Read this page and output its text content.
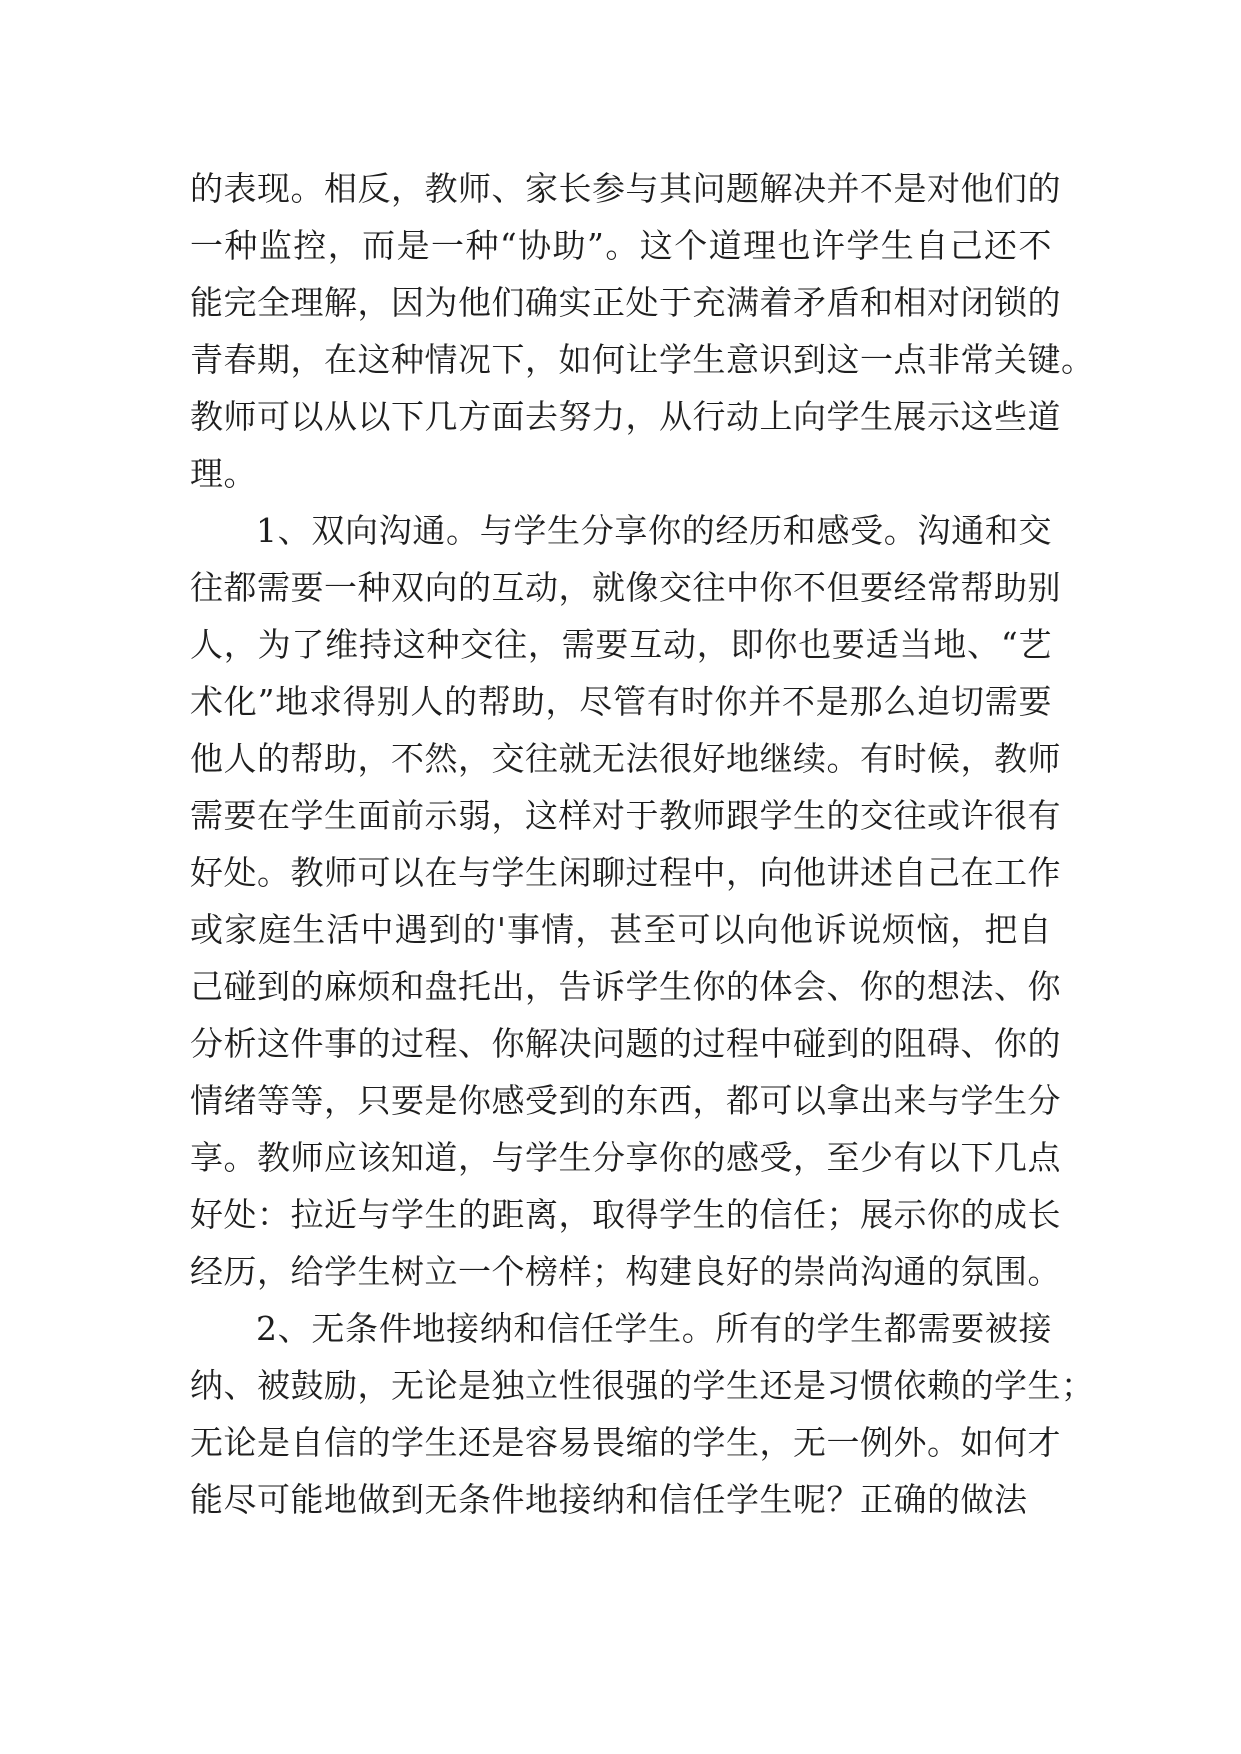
的表现。相反，教师、家长参与其问题解决并不是对他们的
一种监控，而是一种“协助”。这个道理也许学生自己还不
能完全理解，因为他们确实正处于充满着矛盾和相对闭锁的
青春期，在这种情况下，如何让学生意识到这一点非常关键。
教师可以从以下几方面去努力，从行动上向学生展示这些道
理。
1、双向沟通。与学生分享你的经历和感受。沟通和交
往都需要一种双向的互动，就像交往中你不但要经常帮助别
人，为了维持这种交往，需要互动，即你也要适当地、“艺
术化”地求得别人的帮助，尽管有时你并不是那么迫切需要
他人的帮助，不然，交往就无法很好地继续。有时候，教师
需要在学生面前示弱，这样对于教师跟学生的交往或许很有
好处。教师可以在与学生闲聊过程中，向他讲述自己在工作
或家庭生活中遇到的'事情，甚至可以向他诉说烦恼，把自
己碰到的麻烦和盘托出，告诉学生你的体会、你的想法、你
分析这件事的过程、你解决问题的过程中碰到的阻碍、你的
情绪等等，只要是你感受到的东西，都可以拿出来与学生分
享。教师应该知道，与学生分享你的感受，至少有以下几点
好处：拉近与学生的距离，取得学生的信任；展示你的成长
经历，给学生树立一个榜样；构建良好的崇尚沟通的氛围。
2、无条件地接纳和信任学生。所有的学生都需要被接
纳、被鼓励，无论是独立性很强的学生还是习惯依赖的学生；
无论是自信的学生还是容易畏缩的学生，无一例外。如何才
能尽可能地做到无条件地接纳和信任学生呢？正确的做法
